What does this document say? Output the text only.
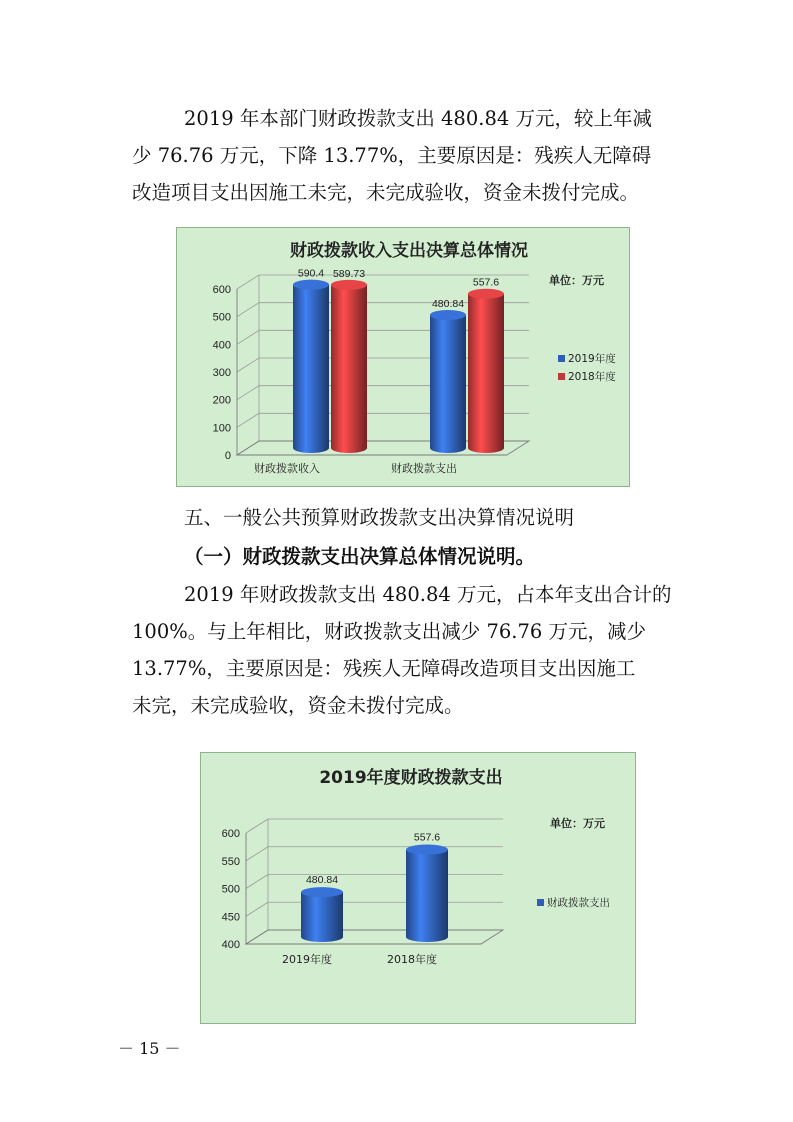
2019 年本部门财政拨款支出 480.84 万元，较上年减
少 76.76 万元，下降 13.77%，主要原因是：残疾人无障碍
改造项目支出因施工未完，未完成验收，资金未拨付完成。
财政拨款收入支出决算总体情况
单位：万元
0
100
200
300
400
500
600
590.4 589.73
财政拨款收入
480.84
557.6
财政拨款支出
2019年度
2018年度

五、一般公共预算财政拨款支出决算情况说明

（一）财政拨款支出决算总体情况说明。

2019 年财政拨款支出 480.84 万元，占本年支出合计的
100%。与上年相比，财政拨款支出减少 76.76 万元，减少
13.77%，主要原因是：残疾人无障碍改造项目支出因施工
未完，未完成验收，资金未拨付完成。
2019年度财政拨款支出
单位：万元
400
450
500
550
600
480.84
2019年度
557.6
2018年度
财政拨款支出
－ 15 －
